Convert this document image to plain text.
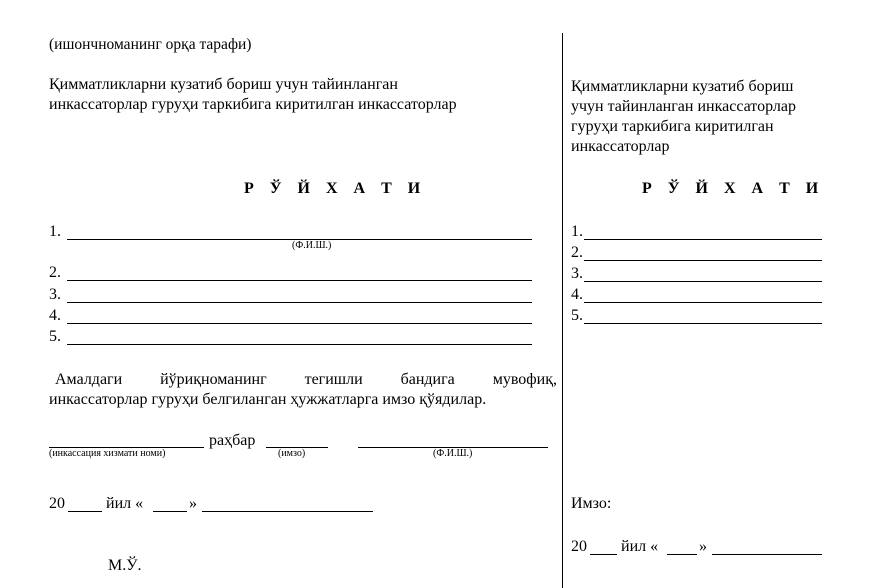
(ишончноманинг орқа тарафи)
Қимматликларни кузатиб бориш учун тайинланган
инкассаторлар гуруҳи таркибига киритилган инкассаторлар
Р Ў Й Х А Т И
1.
(Ф.И.Ш.)
2.
3.
4.
5.
Амалдаги йўриқноманинг тегишли бандига мувофиқ,
инкассаторлар гуруҳи белгиланган ҳужжатларга имзо қўядилар.
(инкассация хизмати номи)
раҳбар
(имзо)	(Ф.И.Ш.)
20	йил «	»
М.Ў.
Қимматликларни кузатиб бориш
учун тайинланган инкассаторлар
гуруҳи таркибига киритилган
инкассаторлар
Р Ў Й Х А Т И
1.
2.
3.
4.
5.
Имзо:
20 йил «	»
